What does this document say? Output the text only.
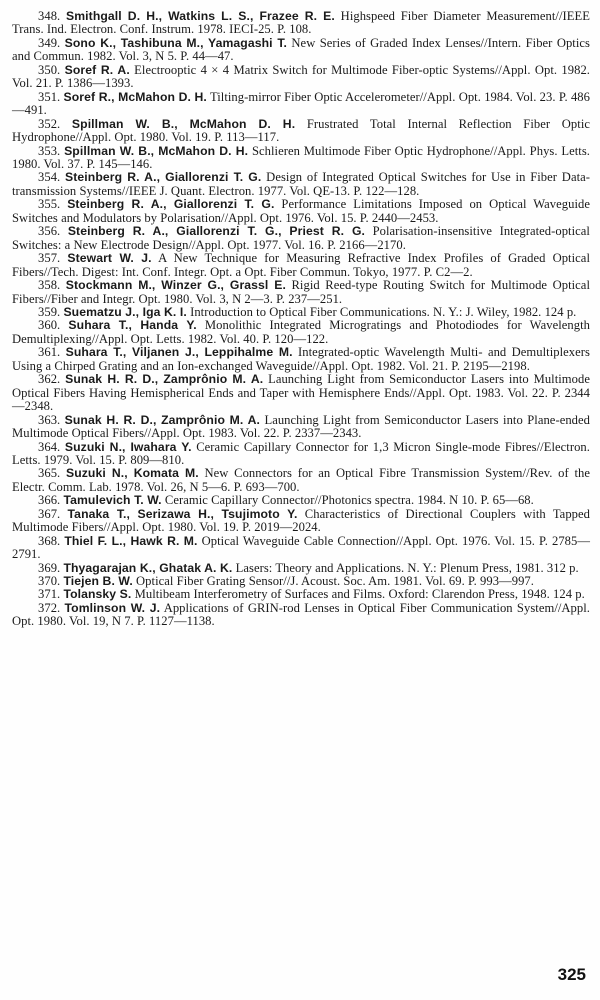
348. Smithgall D. H., Watkins L. S., Frazee R. E. Highspeed Fiber Diameter Measurement//IEEE Trans. Ind. Electron. Conf. Instrum. 1978. IECI-25. P. 108.

349. Sono K., Tashibuna M., Yamagashi T. New Series of Graded Index Lenses//Intern. Fiber Optics and Commun. 1982. Vol. 3, N 5. P. 44—47.

350. Soref R. A. Electrooptic 4 × 4 Matrix Switch for Multimode Fiber-optic Systems//Appl. Opt. 1982. Vol. 21. P. 1386—1393.

351. Soref R., McMahon D. H. Tilting-mirror Fiber Optic Accelerometer//Appl. Opt. 1984. Vol. 23. P. 486—491.

352. Spillman W. B., McMahon D. H. Frustrated Total Internal Reflection Fiber Optic Hydrophone//Appl. Opt. 1980. Vol. 19. P. 113—117.

353. Spillman W. B., McMahon D. H. Schlieren Multimode Fiber Optic Hydrophone//Appl. Phys. Letts. 1980. Vol. 37. P. 145—146.

354. Steinberg R. A., Giallorenzi T. G. Design of Integrated Optical Switches for Use in Fiber Data-transmission Systems//IEEE J. Quant. Electron. 1977. Vol. QE-13. P. 122—128.

355. Steinberg R. A., Giallorenzi T. G. Performance Limitations Imposed on Optical Waveguide Switches and Modulators by Polarisation//Appl. Opt. 1976. Vol. 15. P. 2440—2453.

356. Steinberg R. A., Giallorenzi T. G., Priest R. G. Polarisation-insensitive Integrated-optical Switches: a New Electrode Design//Appl. Opt. 1977. Vol. 16. P. 2166—2170.

357. Stewart W. J. A New Technique for Measuring Refractive Index Profiles of Graded Optical Fibers//Tech. Digest: Int. Conf. Integr. Opt. a Opt. Fiber Commun. Tokyo, 1977. P. C2—2.

358. Stockmann M., Winzer G., Grassl E. Rigid Reed-type Routing Switch for Multimode Optical Fibers//Fiber and Integr. Opt. 1980. Vol. 3, N 2—3. P. 237—251.

359. Suematzu J., Iga K. I. Introduction to Optical Fiber Communications. N. Y.: J. Wiley, 1982. 124 p.

360. Suhara T., Handa Y. Monolithic Integrated Microgratings and Photodiodes for Wavelength Demultiplexing//Appl. Opt. Letts. 1982. Vol. 40. P. 120—122.

361. Suhara T., Viljanen J., Leppihalme M. Integrated-optic Wavelength Multi- and Demultiplexers Using a Chirped Grating and an Ion-exchanged Waveguide//Appl. Opt. 1982. Vol. 21. P. 2195—2198.

362. Sunak H. R. D., Zamprônio M. A. Launching Light from Semiconductor Lasers into Multimode Optical Fibers Having Hemispherical Ends and Taper with Hemisphere Ends//Appl. Opt. 1983. Vol. 22. P. 2344—2348.

363. Sunak H. R. D., Zamprônio M. A. Launching Light from Semiconductor Lasers into Plane-ended Multimode Optical Fibers//Appl. Opt. 1983. Vol. 22. P. 2337—2343.

364. Suzuki N., Iwahara Y. Ceramic Capillary Connector for 1,3 Micron Single-mode Fibres//Electron. Letts. 1979. Vol. 15. P. 809—810.

365. Suzuki N., Komata M. New Connectors for an Optical Fibre Transmission System//Rev. of the Electr. Comm. Lab. 1978. Vol. 26, N 5—6. P. 693—700.

366. Tamulevich T. W. Ceramic Capillary Connector//Photonics spectra. 1984. N 10. P. 65—68.

367. Tanaka T., Serizawa H., Tsujimoto Y. Characteristics of Directional Couplers with Tapped Multimode Fibers//Appl. Opt. 1980. Vol. 19. P. 2019—2024.

368. Thiel F. L., Hawk R. M. Optical Waveguide Cable Connection//Appl. Opt. 1976. Vol. 15. P. 2785—2791.

369. Thyagarajan K., Ghatak A. K. Lasers: Theory and Applications. N. Y.: Plenum Press, 1981. 312 p.

370. Tiejen B. W. Optical Fiber Grating Sensor//J. Acoust. Soc. Am. 1981. Vol. 69. P. 993—997.

371. Tolansky S. Multibeam Interferometry of Surfaces and Films. Oxford: Clarendon Press, 1948. 124 p.

372. Tomlinson W. J. Applications of GRIN-rod Lenses in Optical Fiber Communication System//Appl. Opt. 1980. Vol. 19, N 7. P. 1127—1138.

325
